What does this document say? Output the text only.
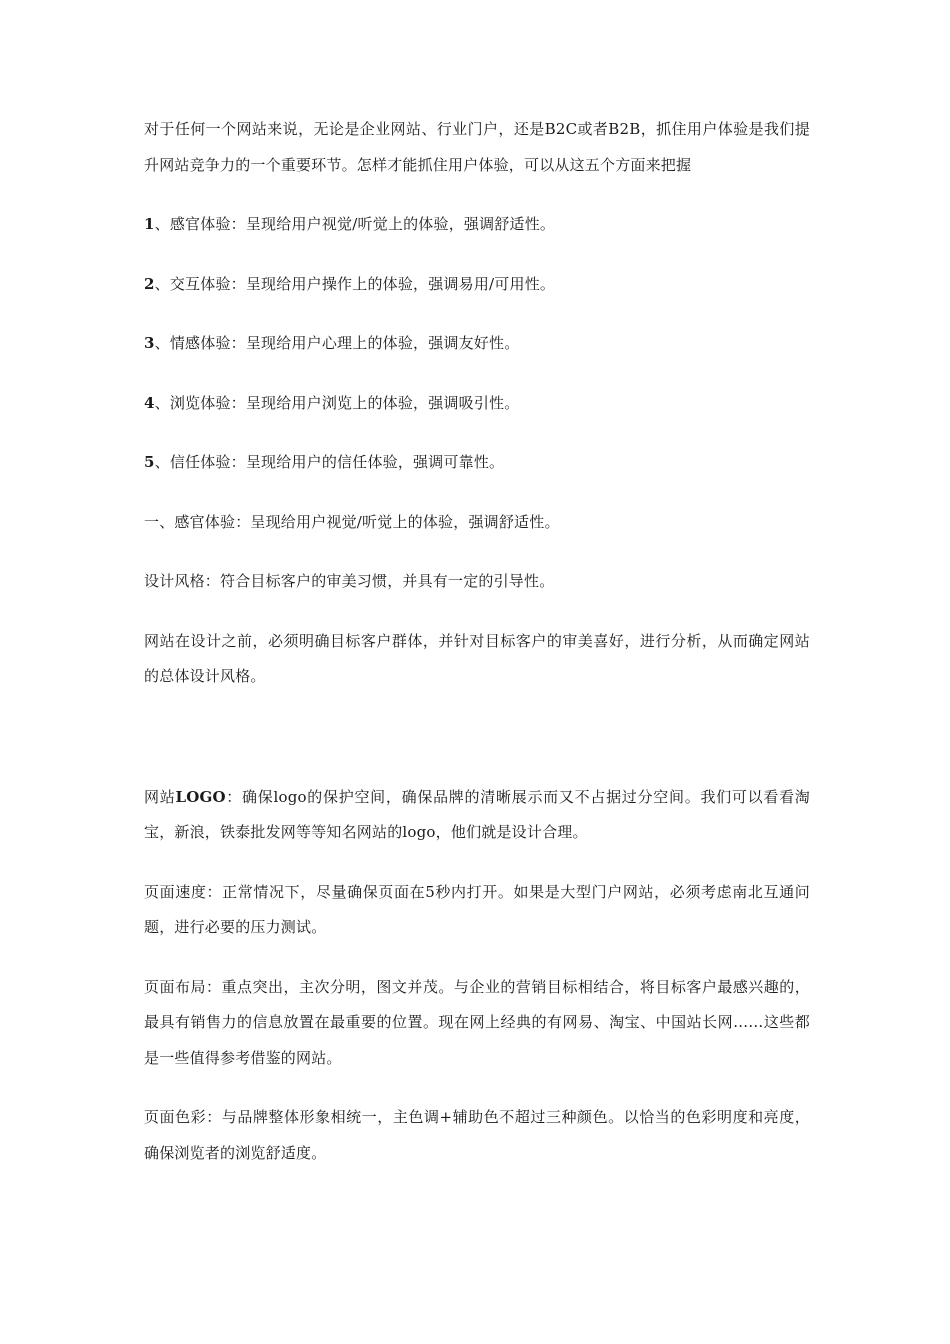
对于任何一个网站来说，无论是企业网站、行业门户，还是B2C或者B2B，抓住用户体验是我们提升网站竞争力的一个重要环节。怎样才能抓住用户体验，可以从这五个方面来把握

1、感官体验：呈现给用户视觉/听觉上的体验，强调舒适性。

2、交互体验：呈现给用户操作上的体验，强调易用/可用性。

3、情感体验：呈现给用户心理上的体验，强调友好性。

4、浏览体验：呈现给用户浏览上的体验，强调吸引性。

5、信任体验：呈现给用户的信任体验，强调可靠性。

一、感官体验：呈现给用户视觉/听觉上的体验，强调舒适性。

设计风格：符合目标客户的审美习惯，并具有一定的引导性。

网站在设计之前，必须明确目标客户群体，并针对目标客户的审美喜好，进行分析，从而确定网站的总体设计风格。

网站LOGO：确保logo的保护空间，确保品牌的清晰展示而又不占据过分空间。我们可以看看淘宝，新浪，铁泰批发网等等知名网站的logo，他们就是设计合理。

页面速度：正常情况下，尽量确保页面在5秒内打开。如果是大型门户网站，必须考虑南北互通问题，进行必要的压力测试。

页面布局：重点突出，主次分明，图文并茂。与企业的营销目标相结合，将目标客户最感兴趣的，最具有销售力的信息放置在最重要的位置。现在网上经典的有网易、淘宝、中国站长网……这些都是一些值得参考借鉴的网站。

页面色彩：与品牌整体形象相统一，主色调+辅助色不超过三种颜色。以恰当的色彩明度和亮度，确保浏览者的浏览舒适度。
